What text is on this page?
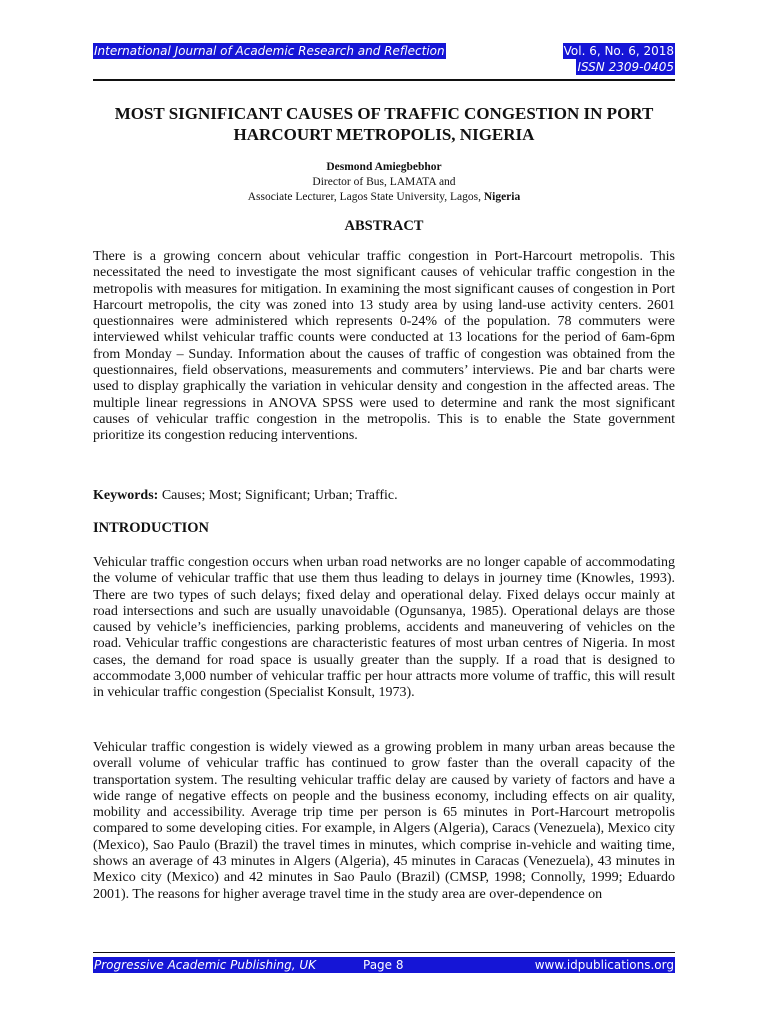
International Journal of Academic Research and Reflection	Vol. 6, No. 6, 2018
ISSN 2309-0405
MOST SIGNIFICANT CAUSES OF TRAFFIC CONGESTION IN PORT
HARCOURT METROPOLIS, NIGERIA
Desmond Amiegbebhor
Director of Bus, LAMATA and
Associate Lecturer, Lagos State University, Lagos, Nigeria
ABSTRACT

There is a growing concern about vehicular traffic congestion in Port-Harcourt metropolis. This necessitated the need to investigate the most significant causes of vehicular traffic congestion in the metropolis with measures for mitigation. In examining the most significant causes of congestion in Port Harcourt metropolis, the city was zoned into 13 study area by using land-use activity centers. 2601 questionnaires were administered which represents 0-24% of the population. 78 commuters were interviewed whilst vehicular traffic counts were conducted at 13 locations for the period of 6am-6pm from Monday – Sunday. Information about the causes of traffic of congestion was obtained from the questionnaires, field observations, measurements and commuters’ interviews. Pie and bar charts were used to display graphically the variation in vehicular density and congestion in the affected areas. The multiple linear regressions in ANOVA SPSS were used to determine and rank the most significant causes of vehicular traffic congestion in the metropolis. This is to enable the State government prioritize its congestion reducing interventions.

Keywords: Causes; Most; Significant; Urban; Traffic.

INTRODUCTION

Vehicular traffic congestion occurs when urban road networks are no longer capable of accommodating the volume of vehicular traffic that use them thus leading to delays in journey time (Knowles, 1993). There are two types of such delays; fixed delay and operational delay. Fixed delays occur mainly at road intersections and such are usually unavoidable (Ogunsanya, 1985). Operational delays are those caused by vehicle’s inefficiencies, parking problems, accidents and maneuvering of vehicles on the road. Vehicular traffic congestions are characteristic features of most urban centres of Nigeria. In most cases, the demand for road space is usually greater than the supply. If a road that is designed to accommodate 3,000 number of vehicular traffic per hour attracts more volume of traffic, this will result in vehicular traffic congestion (Specialist Konsult, 1973).

Vehicular traffic congestion is widely viewed as a growing problem in many urban areas because the overall volume of vehicular traffic has continued to grow faster than the overall capacity of the transportation system. The resulting vehicular traffic delay are caused by variety of factors and have a wide range of negative effects on people and the business economy, including effects on air quality, mobility and accessibility. Average trip time per person is 65 minutes in Port-Harcourt metropolis compared to some developing cities. For example, in Algers (Algeria), Caracs (Venezuela), Mexico city (Mexico), Sao Paulo (Brazil) the travel times in minutes, which comprise in-vehicle and waiting time, shows an average of 43 minutes in Algers (Algeria), 45 minutes in Caracas (Venezuela), 43 minutes in Mexico city (Mexico) and 42 minutes in Sao Paulo (Brazil) (CMSP, 1998; Connolly, 1999; Eduardo 2001). The reasons for higher average travel time in the study area are over-dependence on

Progressive Academic Publishing, UK	Page 8	www.idpublications.org
